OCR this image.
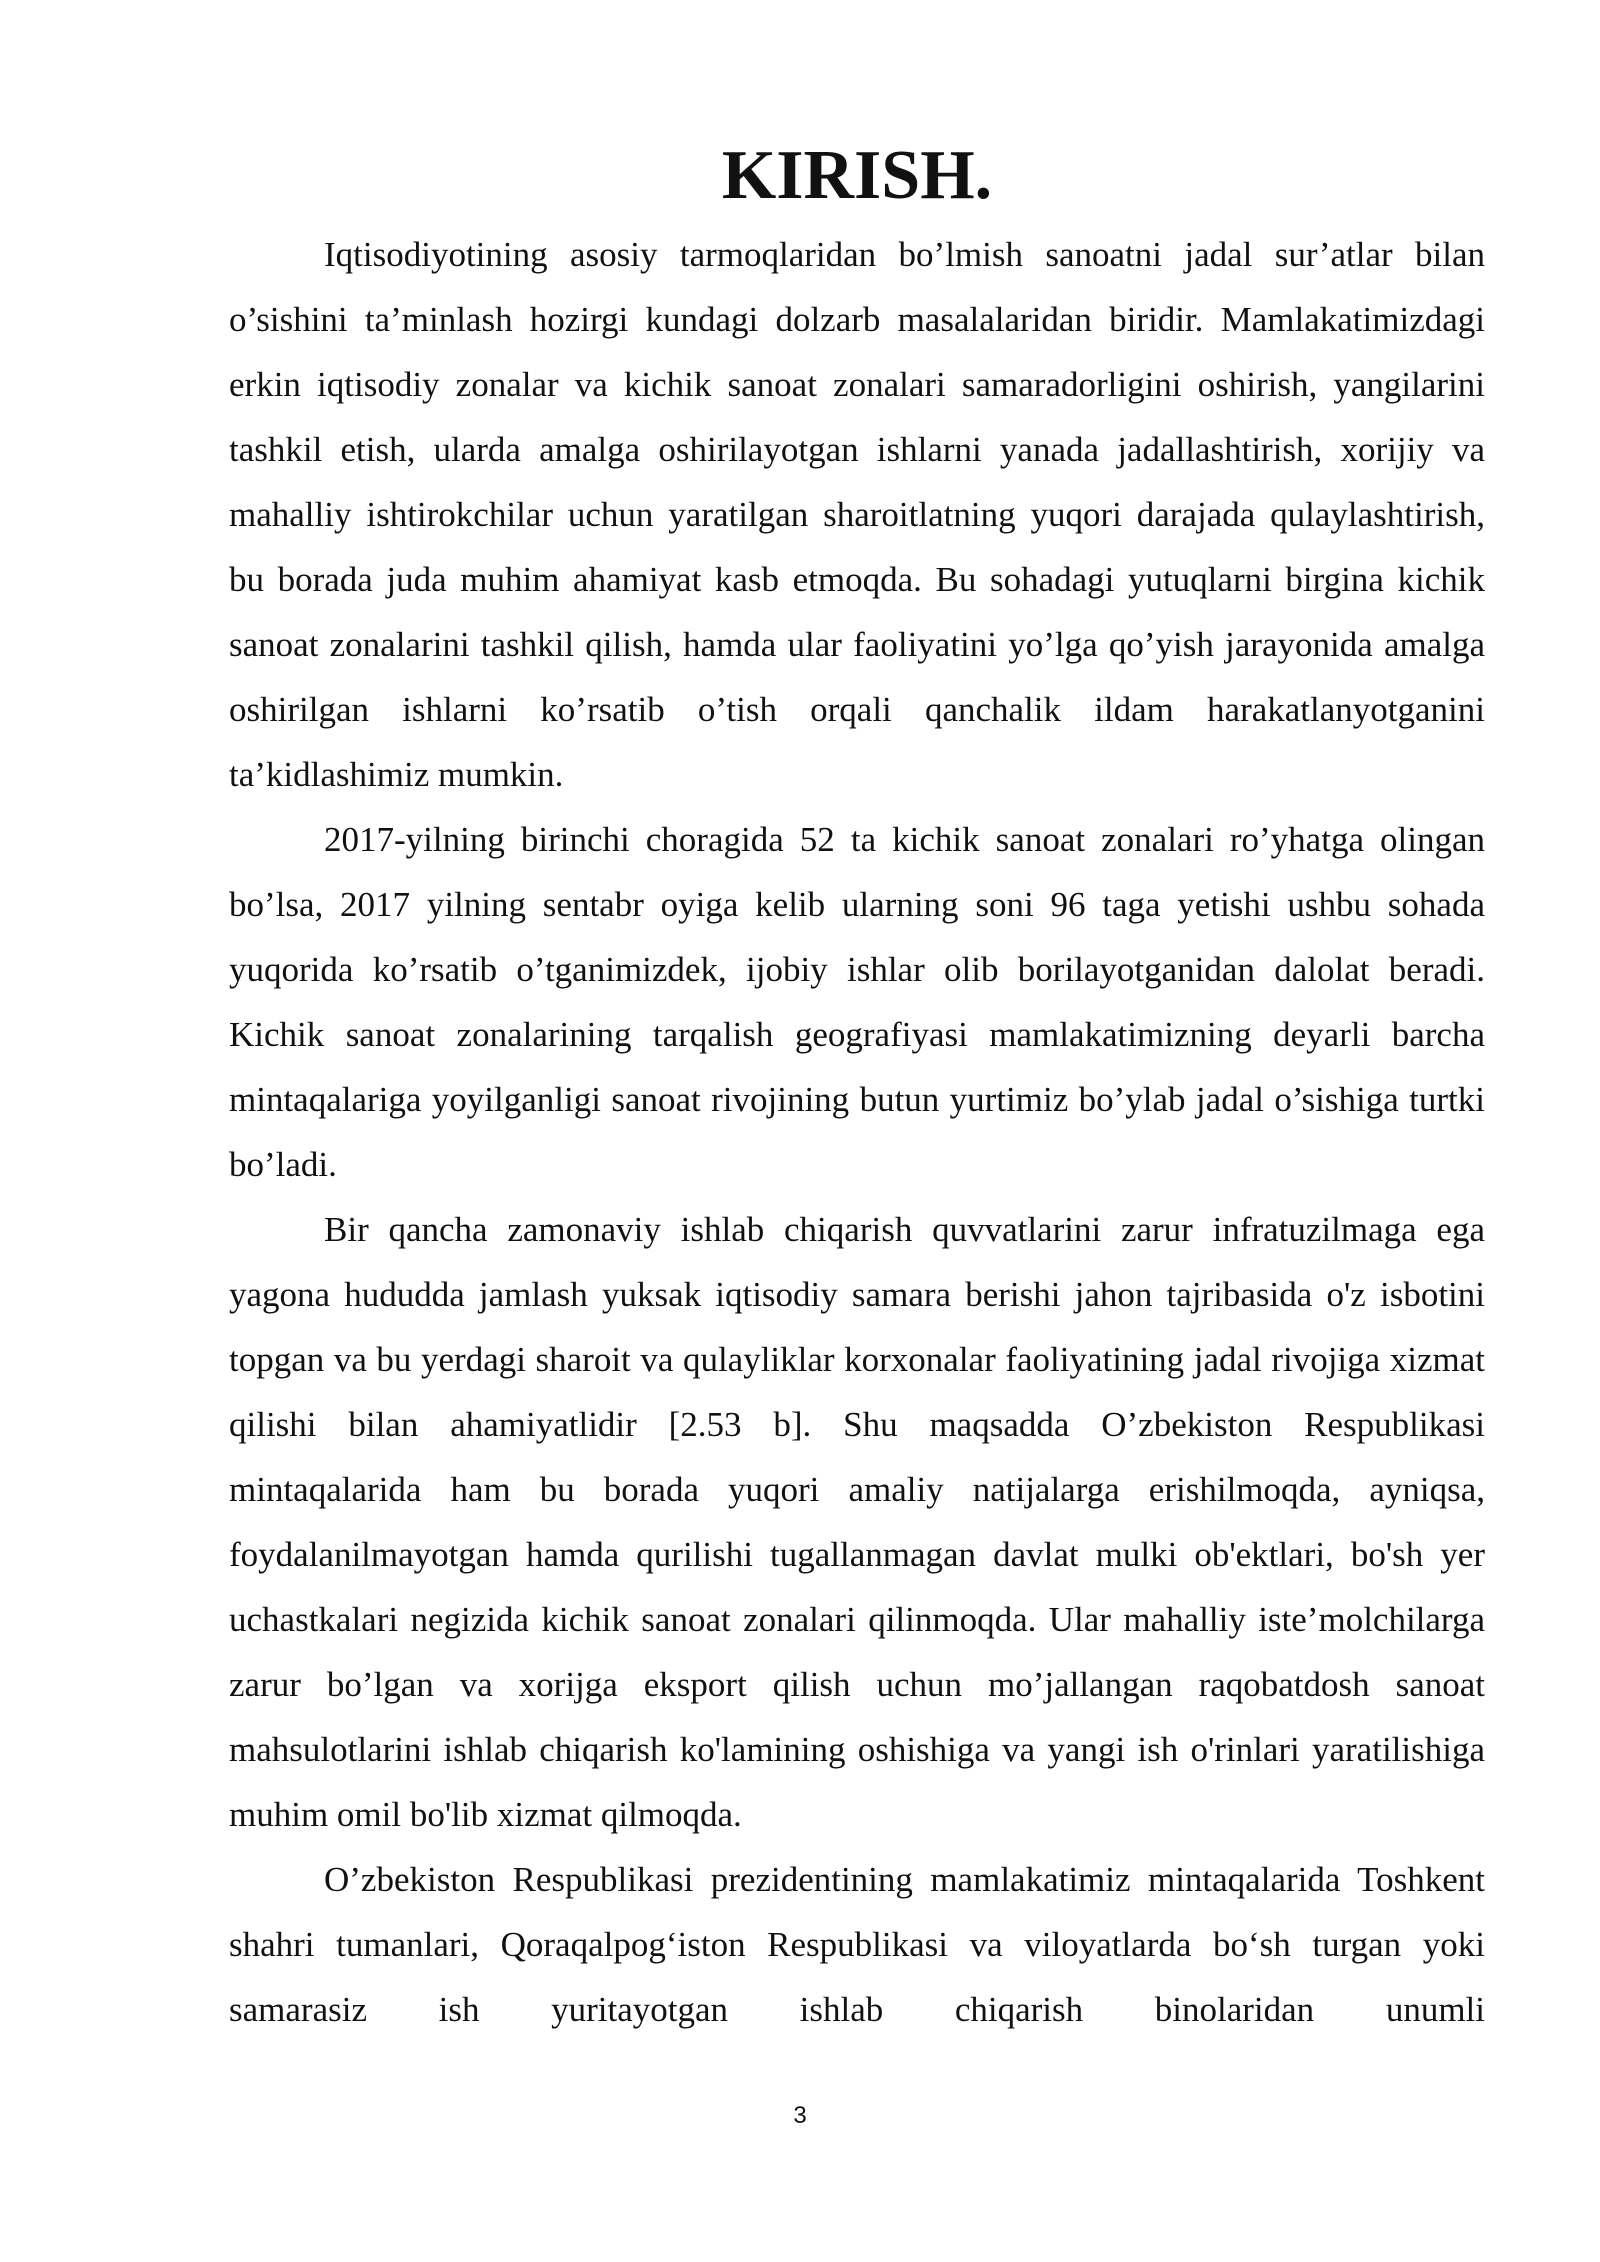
KIRISH.

Iqtisodiyotining asosiy tarmoqlaridan bo’lmish sanoatni jadal sur’atlar bilan o’sishini ta’minlash hozirgi kundagi dolzarb masalalaridan biridir. Mamlakatimizdagi erkin iqtisodiy zonalar va kichik sanoat zonalari samaradorligini oshirish, yangilarini tashkil etish, ularda amalga oshirilayotgan ishlarni yanada jadallashtirish, xorijiy va mahalliy ishtirokchilar uchun yaratilgan sharoitlatning yuqori darajada qulaylashtirish, bu borada juda muhim ahamiyat kasb etmoqda. Bu sohadagi yutuqlarni birgina kichik sanoat zonalarini tashkil qilish, hamda ular faoliyatini yo’lga qo’yish jarayonida amalga oshirilgan ishlarni ko’rsatib o’tish orqali qanchalik ildam harakatlanyotganini ta’kidlashimiz mumkin.

2017-yilning birinchi choragida 52 ta kichik sanoat zonalari ro’yhatga olingan bo’lsa, 2017 yilning sentabr oyiga kelib ularning soni 96 taga yetishi ushbu sohada yuqorida ko’rsatib o’tganimizdek, ijobiy ishlar olib borilayotganidan dalolat beradi. Kichik sanoat zonalarining tarqalish geografiyasi mamlakatimizning deyarli barcha mintaqalariga yoyilganligi sanoat rivojining butun yurtimiz bo’ylab jadal o’sishiga turtki bo’ladi.

Bir qancha zamonaviy ishlab chiqarish quvvatlarini zarur infratuzilmaga ega yagona hududda jamlash yuksak iqtisodiy samara berishi jahon tajribasida o'z isbotini topgan va bu yerdagi sharoit va qulayliklar korxonalar faoliyatining jadal rivojiga xizmat qilishi bilan ahamiyatlidir [2.53 b]. Shu maqsadda O’zbekiston Respublikasi mintaqalarida ham bu borada yuqori amaliy natijalarga erishilmoqda, ayniqsa, foydalanilmayotgan hamda qurilishi tugallanmagan davlat mulki ob'ektlari, bo'sh yer uchastkalari negizida kichik sanoat zonalari qilinmoqda. Ular mahalliy iste’molchilarga zarur bo’lgan va xorijga eksport qilish uchun mo’jallangan raqobatdosh sanoat mahsulotlarini ishlab chiqarish ko'lamining oshishiga va yangi ish o'rinlari yaratilishiga muhim omil bo'lib xizmat qilmoqda.

O’zbekiston Respublikasi prezidentining mamlakatimiz mintaqalarida Toshkent shahri tumanlari, Qoraqalpog‘iston Respublikasi va viloyatlarda bo‘sh turgan yoki samarasiz ish yuritayotgan ishlab chiqarish binolaridan unumli

3
